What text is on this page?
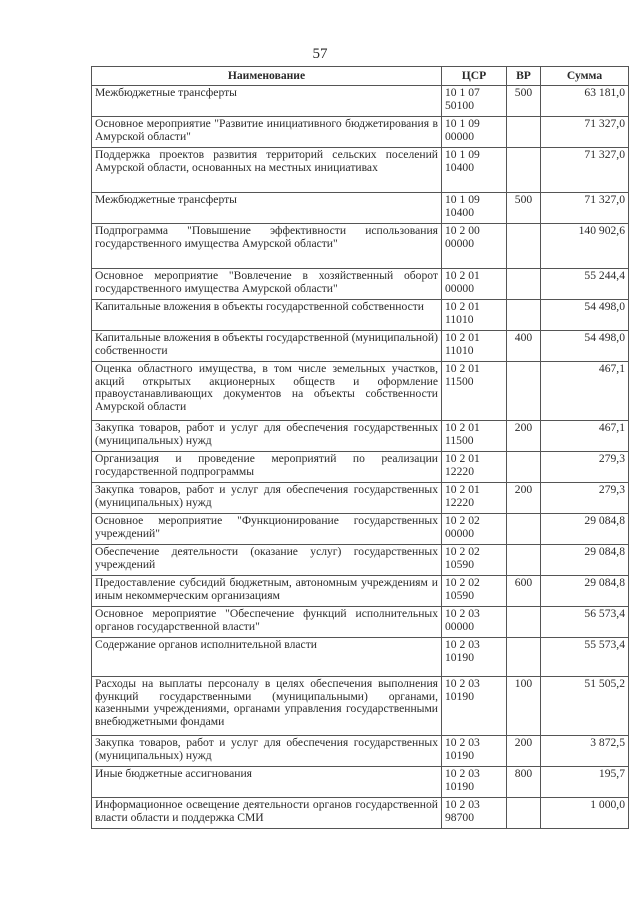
57
Наименование	ЦСР	ВР	Сумма
Межбюджетные трансферты	10 1 07 50100	500	63 181,0
Основное мероприятие "Развитие инициативного бюджетирования в Амурской области"	10 1 09 00000		71 327,0
Поддержка проектов развития территорий сельских поселений Амурской области, основанных на местных инициативах	10 1 09 10400		71 327,0
Межбюджетные трансферты	10 1 09 10400	500	71 327,0
Подпрограмма "Повышение эффективности использования государственного имущества Амурской области"	10 2 00 00000		140 902,6
Основное мероприятие "Вовлечение в хозяйственный оборот государственного имущества Амурской области"	10 2 01 00000		55 244,4
Капитальные вложения в объекты государственной собственности	10 2 01 11010		54 498,0
Капитальные вложения в объекты государственной (муниципальной) собственности	10 2 01 11010	400	54 498,0
Оценка областного имущества, в том числе земельных участков, акций открытых акционерных обществ и оформление правоустанавливающих документов на объекты собственности Амурской области	10 2 01 11500		467,1
Закупка товаров, работ и услуг для обеспечения государственных (муниципальных) нужд	10 2 01 11500	200	467,1
Организация и проведение мероприятий по реализации государственной подпрограммы	10 2 01 12220		279,3
Закупка товаров, работ и услуг для обеспечения государственных (муниципальных) нужд	10 2 01 12220	200	279,3
Основное мероприятие "Функционирование государственных учреждений"	10 2 02 00000		29 084,8
Обеспечение деятельности (оказание услуг) государственных учреждений	10 2 02 10590		29 084,8
Предоставление субсидий бюджетным, автономным учреждениям и иным некоммерческим организациям	10 2 02 10590	600	29 084,8
Основное мероприятие "Обеспечение функций исполнительных органов государственной власти"	10 2 03 00000		56 573,4
Содержание органов исполнительной власти	10 2 03 10190		55 573,4
Расходы на выплаты персоналу в целях обеспечения выполнения функций государственными (муниципальными) органами, казенными учреждениями, органами управления государственными внебюджетными фондами	10 2 03 10190	100	51 505,2
Закупка товаров, работ и услуг для обеспечения государственных (муниципальных) нужд	10 2 03 10190	200	3 872,5
Иные бюджетные ассигнования	10 2 03 10190	800	195,7
Информационное освещение деятельности органов государственной власти области и поддержка СМИ	10 2 03 98700		1 000,0
